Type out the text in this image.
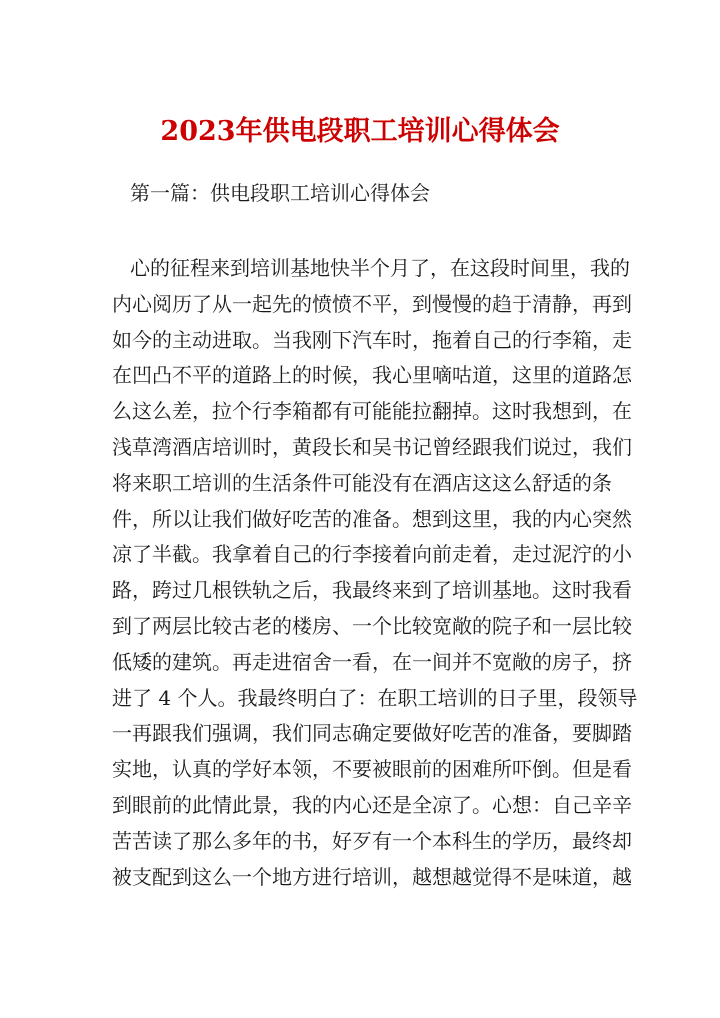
2023年供电段职工培训心得体会
第一篇：供电段职工培训心得体会
心的征程来到培训基地快半个月了，在这段时间里，我的
内心阅历了从一起先的愤愤不平，到慢慢的趋于清静，再到
如今的主动进取。当我刚下汽车时，拖着自己的行李箱，走
在凹凸不平的道路上的时候，我心里嘀咕道，这里的道路怎
么这么差，拉个行李箱都有可能能拉翻掉。这时我想到，在
浅草湾酒店培训时，黄段长和吴书记曾经跟我们说过，我们
将来职工培训的生活条件可能没有在酒店这这么舒适的条
件，所以让我们做好吃苦的准备。想到这里，我的内心突然
凉了半截。我拿着自己的行李接着向前走着，走过泥泞的小
路，跨过几根铁轨之后，我最终来到了培训基地。这时我看
到了两层比较古老的楼房、一个比较宽敞的院子和一层比较
低矮的建筑。再走进宿舍一看，在一间并不宽敞的房子，挤
进了 4 个人。我最终明白了：在职工培训的日子里，段领导
一再跟我们强调，我们同志确定要做好吃苦的准备，要脚踏
实地，认真的学好本领，不要被眼前的困难所吓倒。但是看
到眼前的此情此景，我的内心还是全凉了。心想：自己辛辛
苦苦读了那么多年的书，好歹有一个本科生的学历，最终却
被支配到这么一个地方进行培训，越想越觉得不是味道，越
